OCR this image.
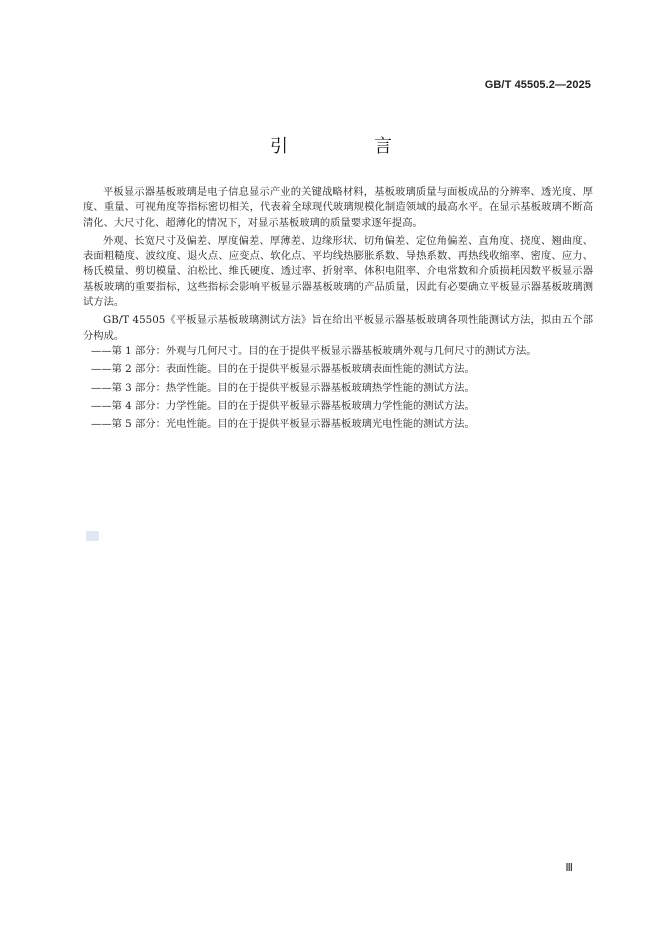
GB/T 45505.2—2025
引　言

平板显示器基板玻璃是电子信息显示产业的关键战略材料，基板玻璃质量与面板成品的分辨率、透光度、厚度、重量、可视角度等指标密切相关，代表着全球现代玻璃规模化制造领域的最高水平。在显示基板玻璃不断高清化、大尺寸化、超薄化的情况下，对显示基板玻璃的质量要求逐年提高。

外观、长宽尺寸及偏差、厚度偏差、厚薄差、边缘形状、切角偏差、定位角偏差、直角度、挠度、翘曲度、表面粗糙度、波纹度、退火点、应变点、软化点、平均线热膨胀系数、导热系数、再热线收缩率、密度、应力、杨氏模量、剪切模量、泊松比、维氏硬度、透过率、折射率、体积电阻率、介电常数和介质损耗因数平板显示器基板玻璃的重要指标，这些指标会影响平板显示器基板玻璃的产品质量，因此有必要确立平板显示器基板玻璃测试方法。

GB/T 45505《平板显示基板玻璃测试方法》旨在给出平板显示器基板玻璃各项性能测试方法，拟由五个部分构成。

——第 1 部分：外观与几何尺寸。目的在于提供平板显示器基板玻璃外观与几何尺寸的测试方法。
——第 2 部分：表面性能。目的在于提供平板显示器基板玻璃表面性能的测试方法。
——第 3 部分：热学性能。目的在于提供平板显示器基板玻璃热学性能的测试方法。
——第 4 部分：力学性能。目的在于提供平板显示器基板玻璃力学性能的测试方法。
——第 5 部分：光电性能。目的在于提供平板显示器基板玻璃光电性能的测试方法。
Ⅲ
